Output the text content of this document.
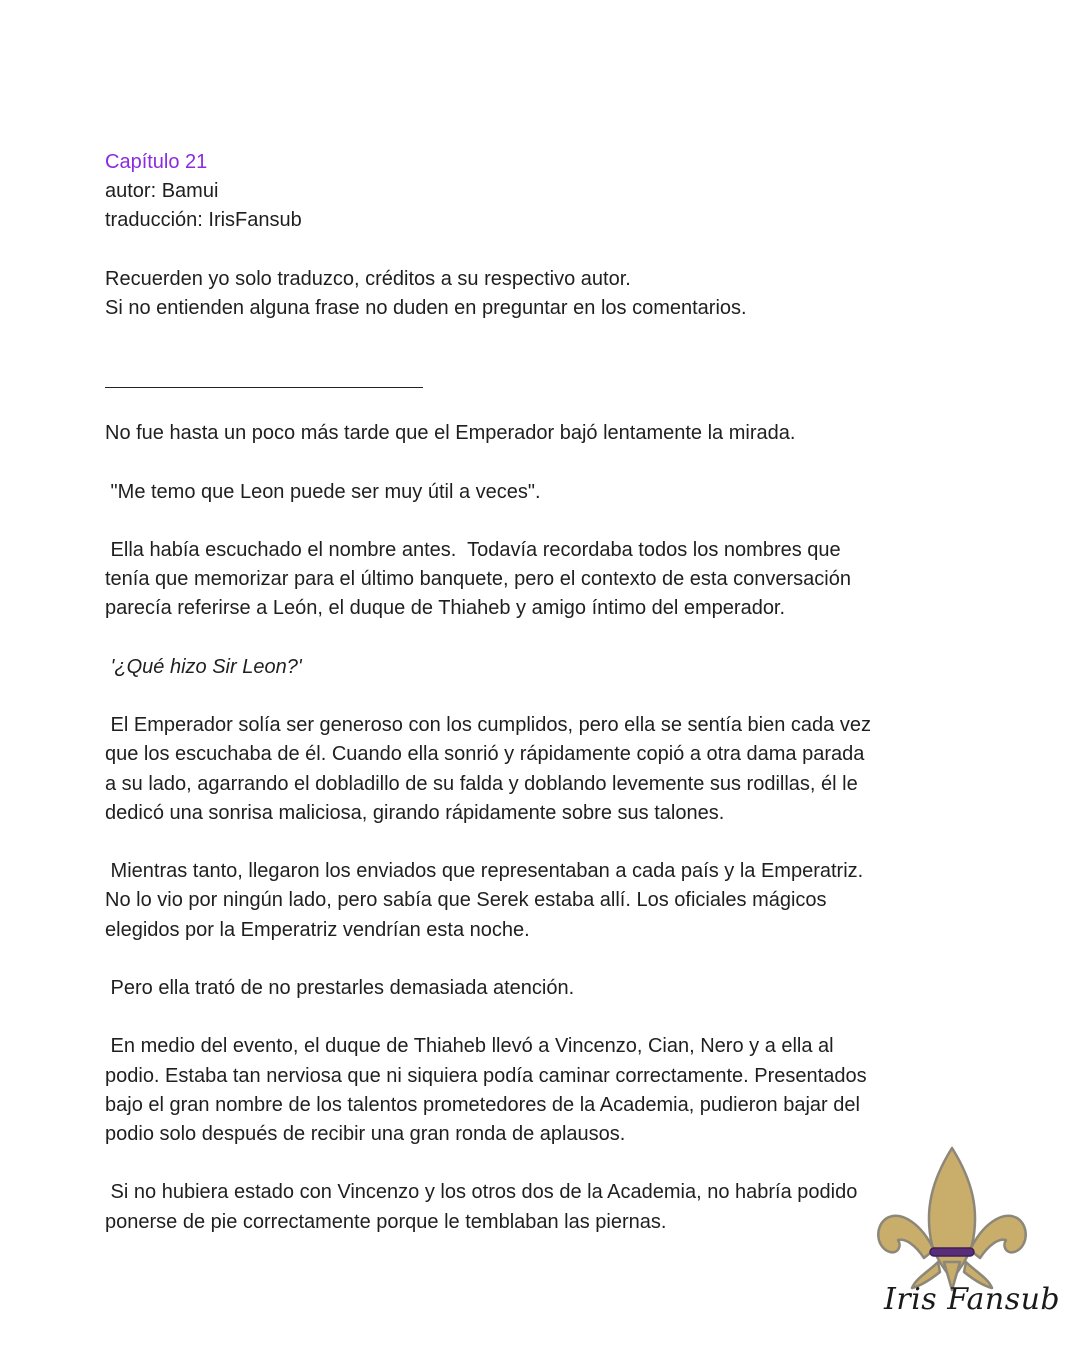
Capítulo 21
autor: Bamui
traducción: IrisFansub
Recuerden yo solo traduzco, créditos a su respectivo autor.
Si no entienden alguna frase no duden en preguntar en los comentarios.
No fue hasta un poco más tarde que el Emperador bajó lentamente la mirada.
"Me temo que Leon puede ser muy útil a veces".
Ella había escuchado el nombre antes.  Todavía recordaba todos los nombres que
tenía que memorizar para el último banquete, pero el contexto de esta conversación
parecía referirse a León, el duque de Thiaheb y amigo íntimo del emperador.
'¿Qué hizo Sir Leon?'
El Emperador solía ser generoso con los cumplidos, pero ella se sentía bien cada vez
que los escuchaba de él. Cuando ella sonrió y rápidamente copió a otra dama parada
a su lado, agarrando el dobladillo de su falda y doblando levemente sus rodillas, él le
dedicó una sonrisa maliciosa, girando rápidamente sobre sus talones.
Mientras tanto, llegaron los enviados que representaban a cada país y la Emperatriz.
No lo vio por ningún lado, pero sabía que Serek estaba allí. Los oficiales mágicos
elegidos por la Emperatriz vendrían esta noche.
Pero ella trató de no prestarles demasiada atención.
En medio del evento, el duque de Thiaheb llevó a Vincenzo, Cian, Nero y a ella al
podio. Estaba tan nerviosa que ni siquiera podía caminar correctamente. Presentados
bajo el gran nombre de los talentos prometedores de la Academia, pudieron bajar del
podio solo después de recibir una gran ronda de aplausos.
Si no hubiera estado con Vincenzo y los otros dos de la Academia, no habría podido
ponerse de pie correctamente porque le temblaban las piernas.
Iris Fansub
